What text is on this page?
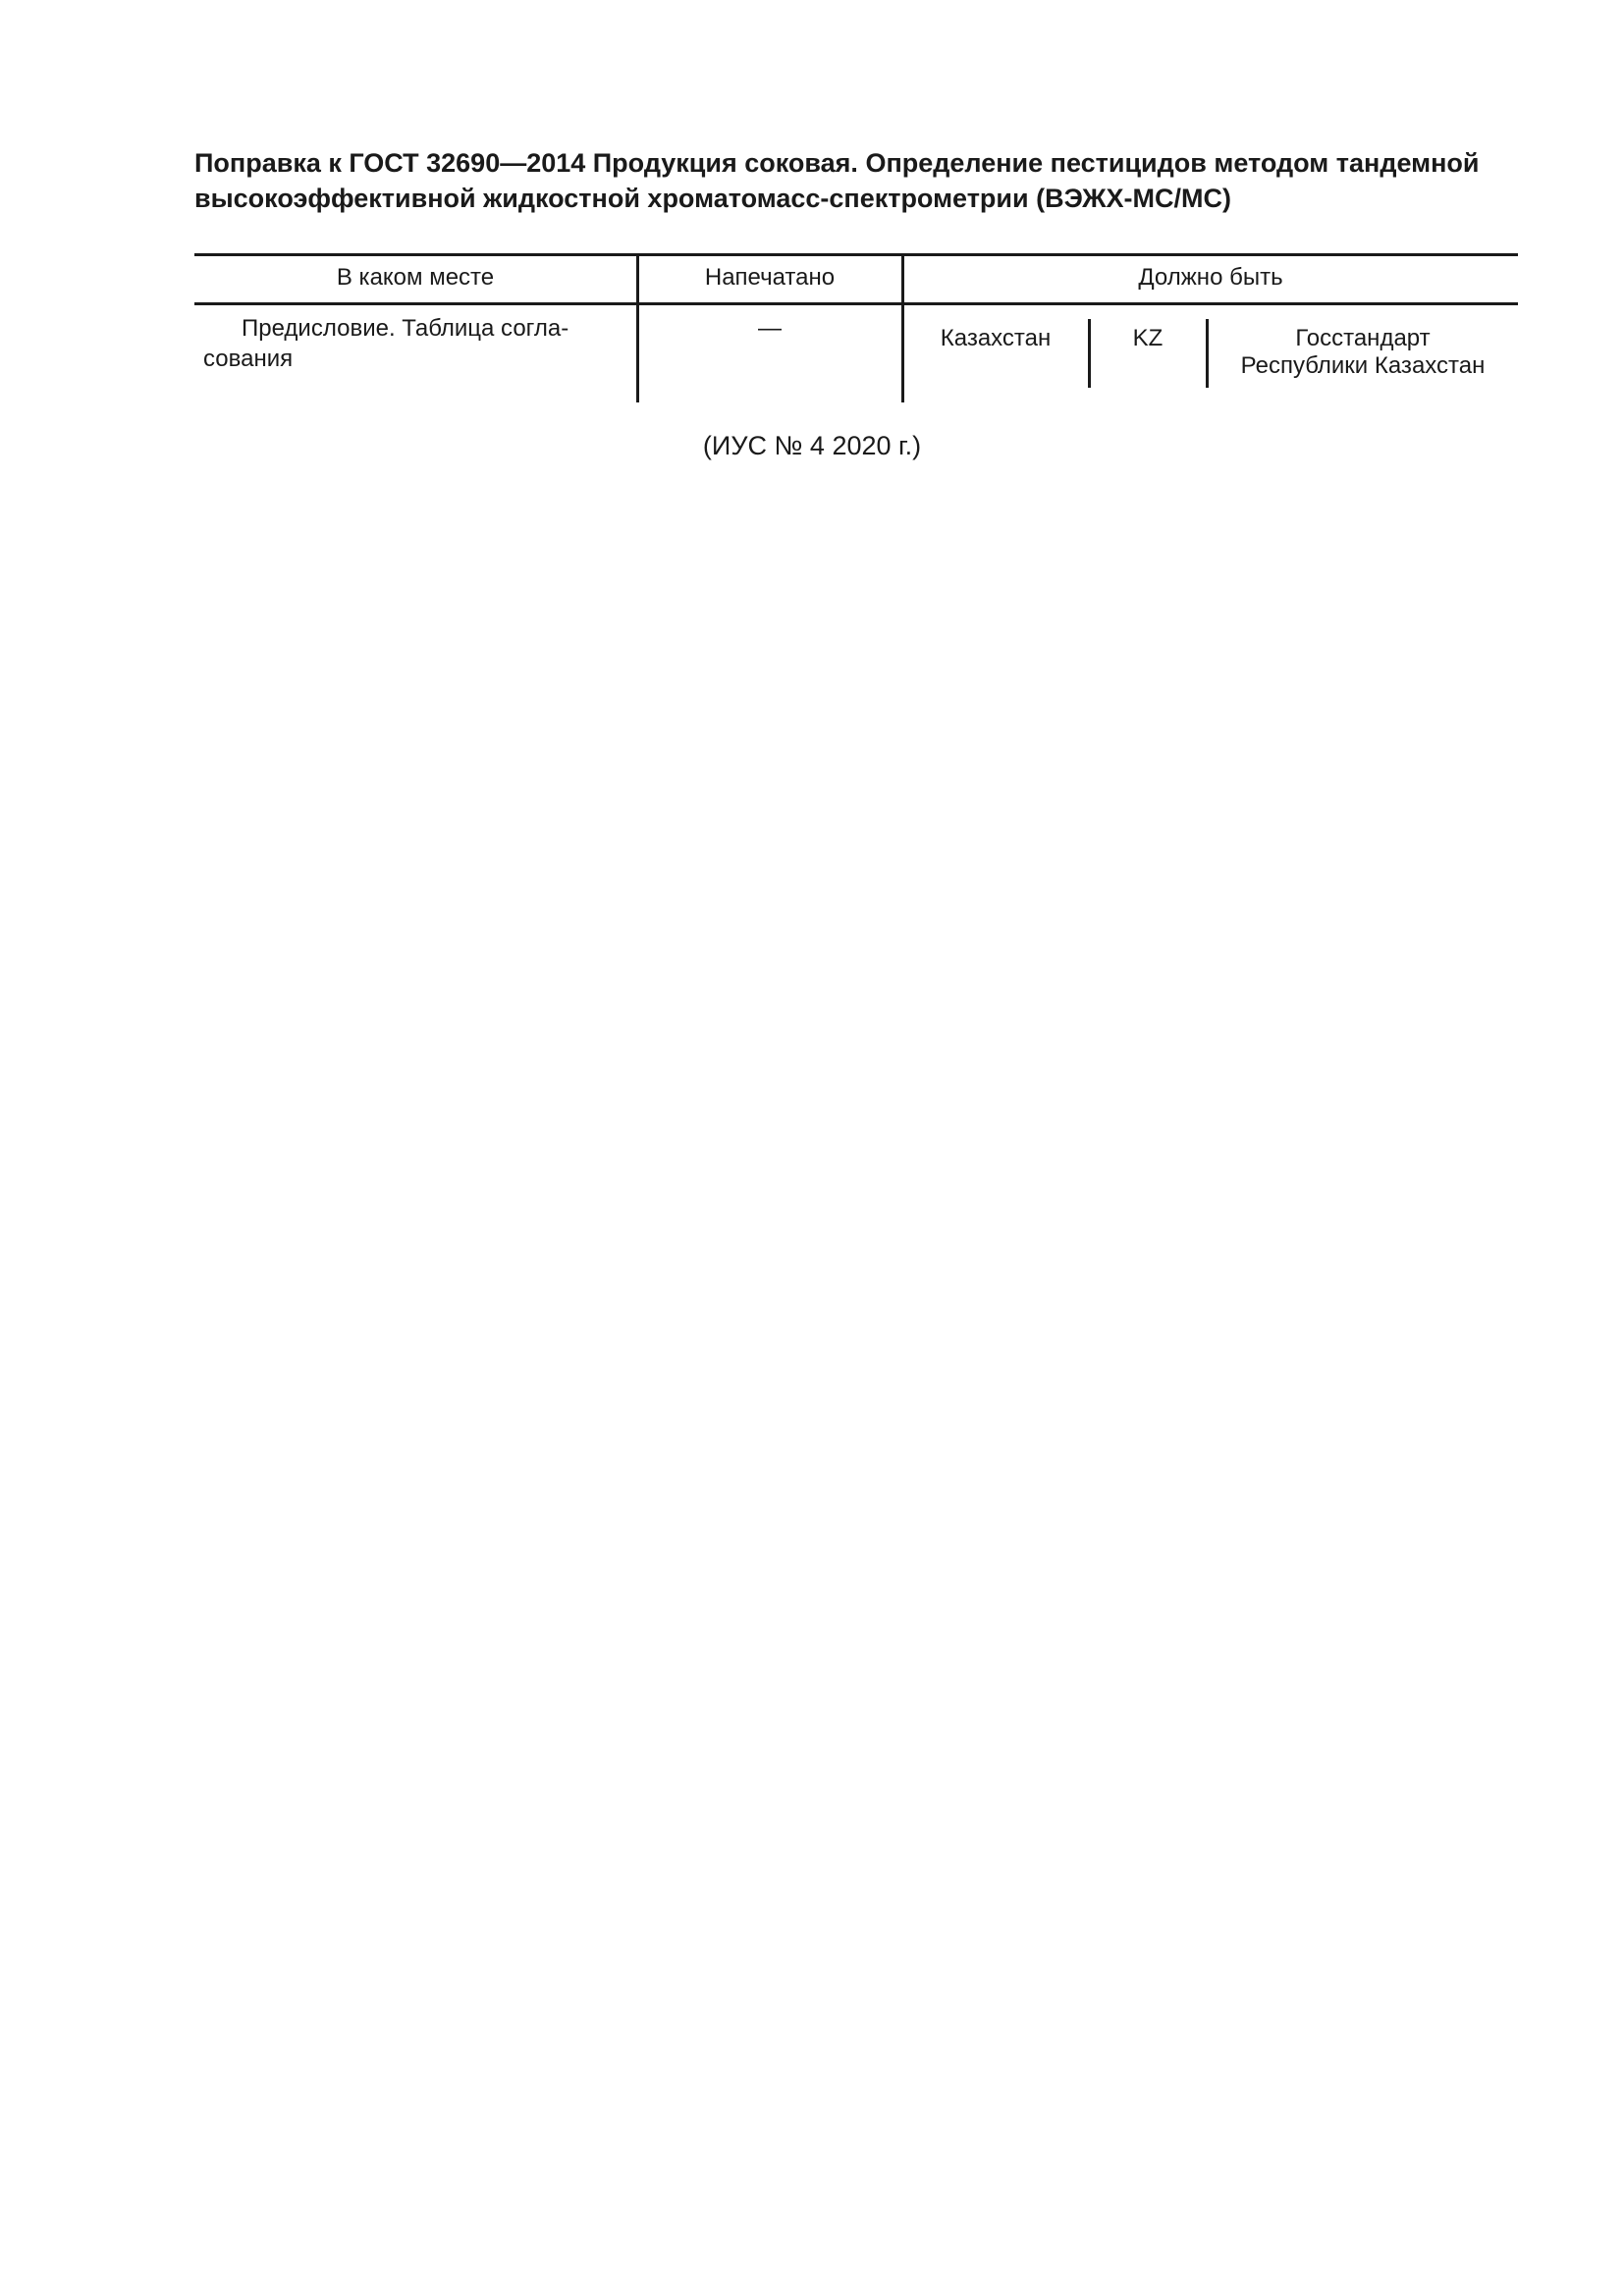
Поправка к ГОСТ 32690—2014 Продукция соковая. Определение пестицидов методом тандемной
высокоэффективной жидкостной хроматомасс-спектрометрии (ВЭЖХ-МС/МС)
В каком месте	Напечатано	Должно быть
Предисловие. Таблица согла-
сования
—	Казахстан	KZ	Госстандарт
Республики Казахстан
(ИУС № 4 2020 г.)
